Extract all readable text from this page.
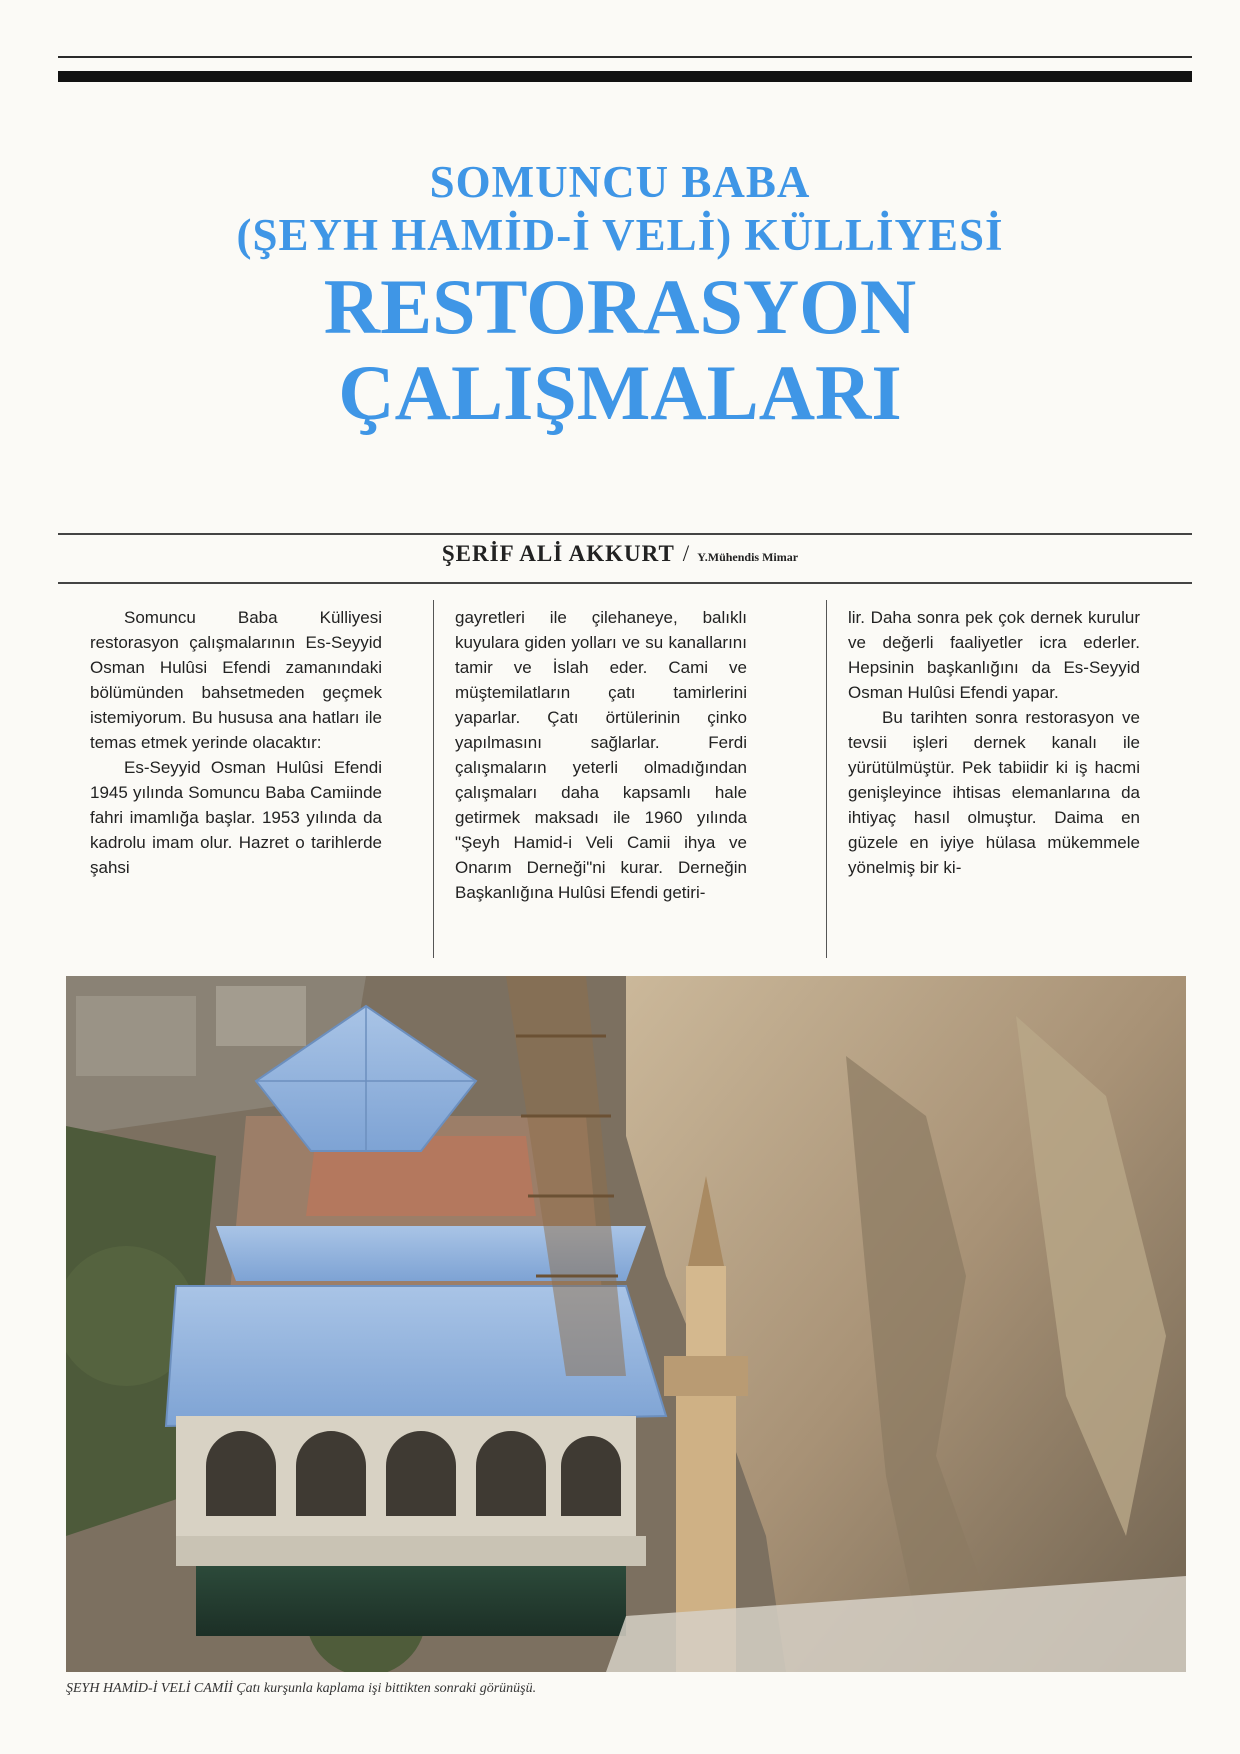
SOMUNCU BABA
(ŞEYH HAMİD-İ VELİ) KÜLLİYESİ
RESTORASYON
ÇALIŞMALARI
ŞERİF ALİ AKKURT / Y.Mühendis Mimar

Somuncu Baba Külliyesi restorasyon çalışmalarının Es-Seyyid Osman Hulûsi Efendi zamanındaki bölümünden bahsetmeden geçmek istemiyorum. Bu hususa ana hatları ile temas etmek yerinde olacaktır:

Es-Seyyid Osman Hulûsi Efendi 1945 yılında Somuncu Baba Camiinde fahri imamlığa başlar. 1953 yılında da kadrolu imam olur. Hazret o tarihlerde şahsi

gayretleri ile çilehaneye, balıklı kuyulara giden yolları ve su kanallarını tamir ve İslah eder. Cami ve müştemilatların çatı tamirlerini yaparlar. Çatı örtülerinin çinko yapılmasını sağlarlar. Ferdi çalışmaların yeterli olmadığından çalışmaları daha kapsamlı hale getirmek maksadı ile 1960 yılında "Şeyh Hamid-i Veli Camii ihya ve Onarım Derneği"ni kurar. Derneğin Başkanlığına Hulûsi Efendi getiri-

lir. Daha sonra pek çok dernek kurulur ve değerli faaliyetler icra ederler. Hepsinin başkanlığını da Es-Seyyid Osman Hulûsi Efendi yapar.

Bu tarihten sonra restorasyon ve tevsii işleri dernek kanalı ile yürütülmüştür. Pek tabiidir ki iş hacmi genişleyince ihtisas elemanlarına da ihtiyaç hasıl olmuştur. Daima en güzele en iyiye hülasa mükemmele yönelmiş bir ki-

ŞEYH HAMİD-İ VELİ CAMİİ Çatı kurşunla kaplama işi bittikten sonraki görünüşü.
